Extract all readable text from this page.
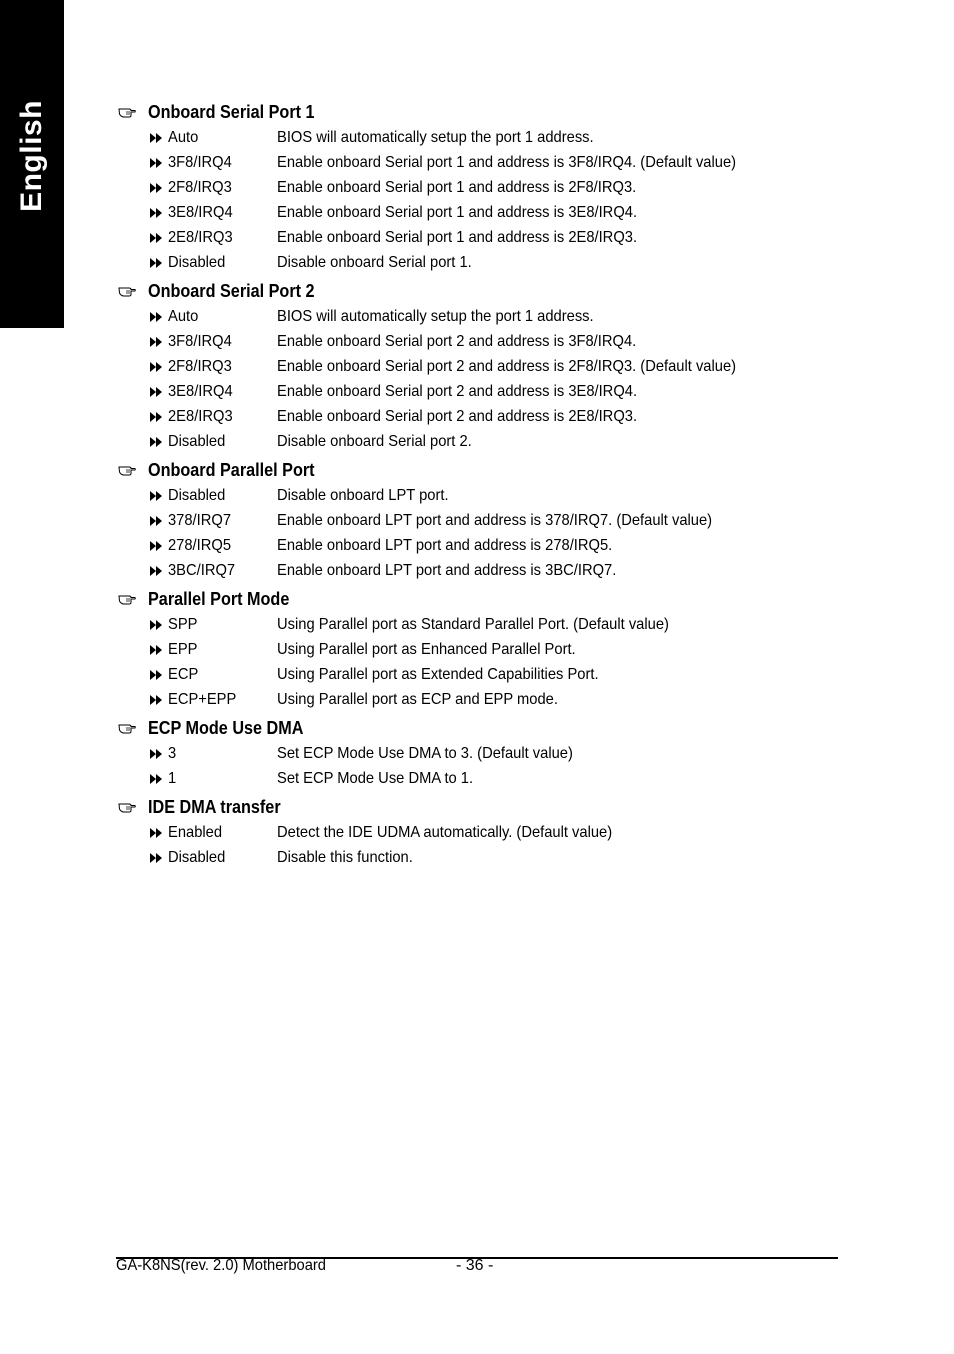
English	Onboard Serial Port 1
Auto	BIOS will automatically setup the port 1 address.
3F8/IRQ4	Enable onboard Serial port 1 and address is 3F8/IRQ4. (Default value)
2F8/IRQ3	Enable onboard Serial port 1 and address is 2F8/IRQ3.
3E8/IRQ4	Enable onboard Serial port 1 and address is 3E8/IRQ4.
2E8/IRQ3	Enable onboard Serial port 1 and address is 2E8/IRQ3.
Disabled	Disable onboard Serial port 1.
Onboard Serial Port 2
Auto	BIOS will automatically setup the port 1 address.
3F8/IRQ4	Enable onboard Serial port 2 and address is 3F8/IRQ4.
2F8/IRQ3	Enable onboard Serial port 2 and address is 2F8/IRQ3. (Default value)
3E8/IRQ4	Enable onboard Serial port 2 and address is 3E8/IRQ4.
2E8/IRQ3	Enable onboard Serial port 2 and address is 2E8/IRQ3.
Disabled	Disable onboard Serial port 2.
Onboard Parallel Port
Disabled	Disable onboard LPT port.
378/IRQ7	Enable onboard LPT port and address is 378/IRQ7. (Default value)
278/IRQ5	Enable onboard LPT port and address is 278/IRQ5.
3BC/IRQ7	Enable onboard LPT port and address is 3BC/IRQ7.
Parallel Port Mode
SPP	Using Parallel port as Standard Parallel Port. (Default value)
EPP	Using Parallel port as Enhanced Parallel Port.
ECP	Using Parallel port as Extended Capabilities Port.
ECP+EPP	Using Parallel port as ECP and EPP mode.
ECP Mode Use DMA
3	Set ECP Mode Use DMA to 3. (Default value)
1	Set ECP Mode Use DMA to 1.
IDE DMA transfer
Enabled	Detect the IDE UDMA automatically. (Default value)
Disabled	Disable this function.
GA-K8NS(rev. 2.0) Motherboard	- 36 -
